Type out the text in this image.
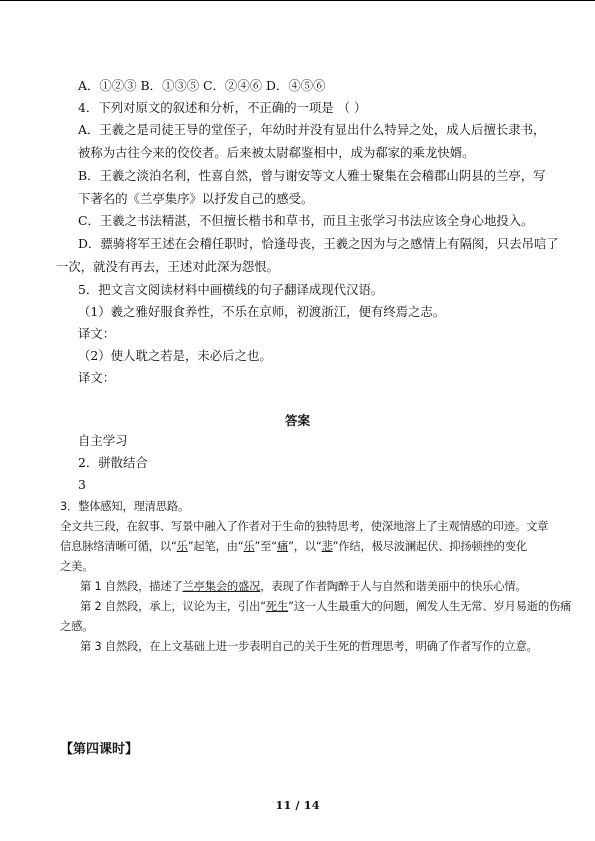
A．①②③ B．①③⑤ C．②④⑥ D．④⑤⑥
4．下列对原文的叙述和分析，不正确的一项是 （ ）
A．王羲之是司徒王导的堂侄子，年幼时并没有显出什么特异之处，成人后擅长隶书，
被称为古往今来的佼佼者。后来被太尉郗鉴相中，成为郗家的乘龙快婿。
B．王羲之淡泊名利，性喜自然，曾与谢安等文人雅士聚集在会稽郡山阴县的兰亭，写
下著名的《兰亭集序》以抒发自己的感受。
C．王羲之书法精湛，不但擅长楷书和草书，而且主张学习书法应该全身心地投入。
D．骠骑将军王述在会稽任职时，恰逢母丧，王羲之因为与之感情上有隔阂，只去吊唁了
一次，就没有再去，王述对此深为怨恨。
5．把文言文阅读材料中画横线的句子翻译成现代汉语。
（1）羲之雅好服食养性，不乐在京师，初渡浙江，便有终焉之志。
译文：
（2）使人耽之若是，未必后之也。
译文：
答案
自主学习
2．骈散结合
3
3．整体感知，理清思路。
全文共三段，在叙事、写景中融入了作者对于生命的独特思考，使深地溶上了主观情感的印迹。文章
信息脉络清晰可循，以“乐”起笔，由“乐”至“痛”，以“悲”作结，极尽波澜起伏、抑扬顿挫的变化
之美。
第 1 自然段，描述了兰亭集会的盛况，表现了作者陶醉于人与自然和谐美丽中的快乐心情。
第 2 自然段，承上，议论为主，引出“死生”这一人生最重大的问题，阐发人生无常、岁月易逝的伤痛
之感。
第 3 自然段，在上文基础上进一步表明自己的关于生死的哲理思考，明确了作者写作的立意。
【第四课时】
11 / 14
